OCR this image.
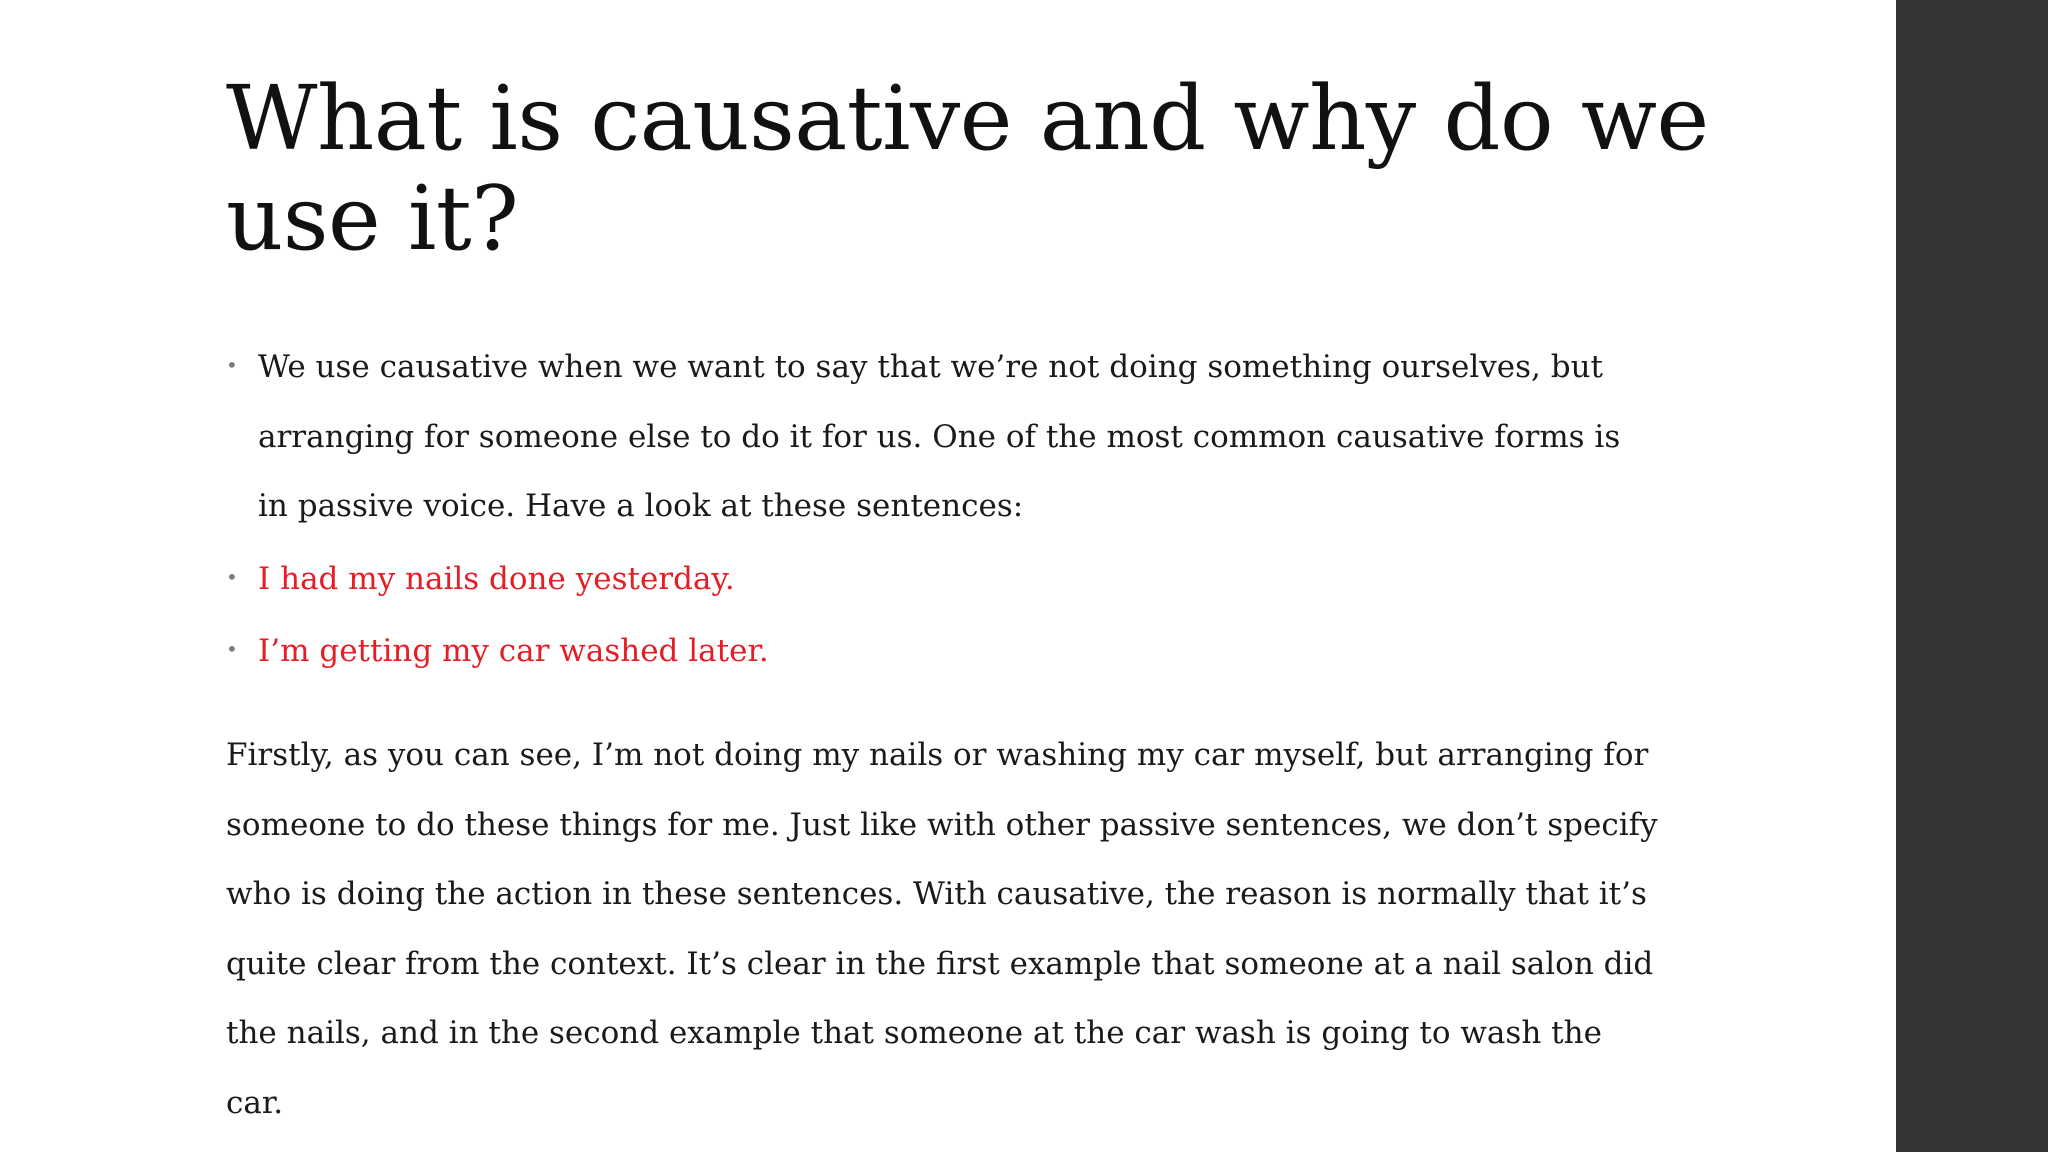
What is causative and why do we use it?
• We use causative when we want to say that we’re not doing something ourselves, but arranging for someone else to do it for us. One of the most common causative forms is in passive voice. Have a look at these sentences:
• I had my nails done yesterday.
• I’m getting my car washed later.

Firstly, as you can see, I’m not doing my nails or washing my car myself, but arranging for someone to do these things for me. Just like with other passive sentences, we don’t specify who is doing the action in these sentences. With causative, the reason is normally that it’s quite clear from the context. It’s clear in the first example that someone at a nail salon did the nails, and in the second example that someone at the car wash is going to wash the car.
